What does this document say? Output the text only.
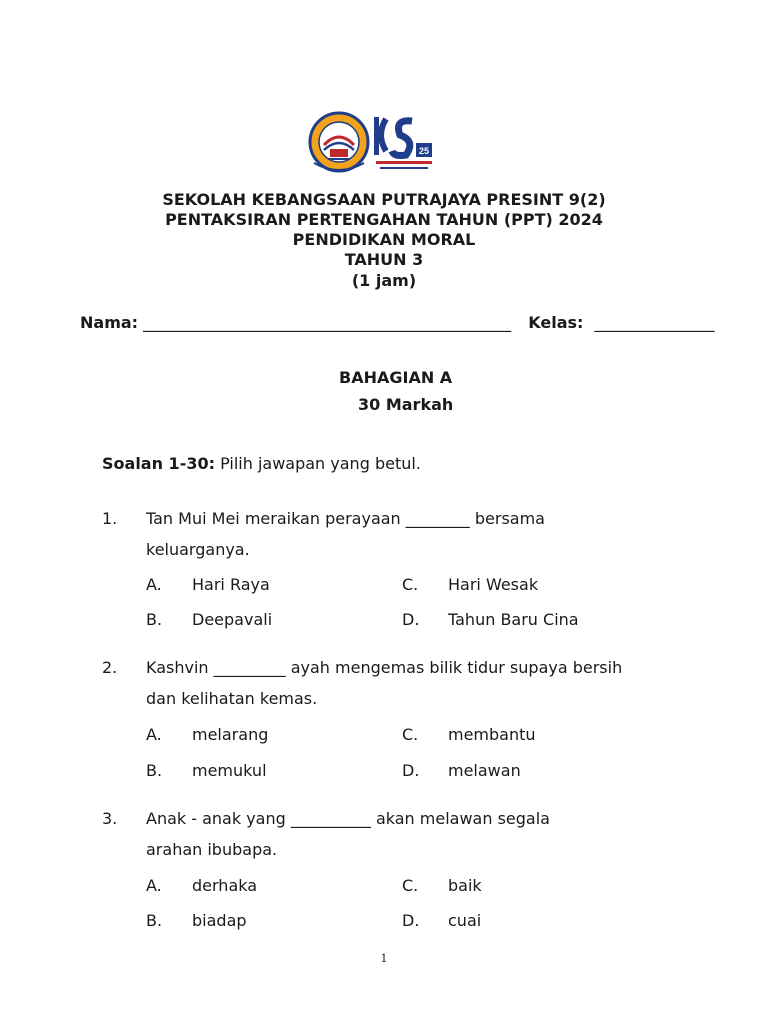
25

SEKOLAH KEBANGSAAN PUTRAJAYA PRESINT 9(2)

PENTAKSIRAN PERTENGAHAN TAHUN (PPT) 2024

PENDIDIKAN MORAL

TAHUN 3

(1 jam)

Nama: ______________________________________________ Kelas: _______________
BAHAGIAN A
30 Markah
Soalan 1-30: Pilih jawapan yang betul.
1. Tan Mui Mei meraikan perayaan ________ bersama
keluarganya.
A. Hari Raya
B. Deepavali
C. Hari Wesak
D. Tahun Baru Cina
2. Kashvin _________ ayah mengemas bilik tidur supaya bersih
dan kelihatan kemas.
A. melarang
B. memukul
C. membantu
D. melawan
3. Anak - anak yang __________ akan melawan segala
arahan ibubapa.
A. derhaka
B. biadap
C. baik
D. cuai
1
